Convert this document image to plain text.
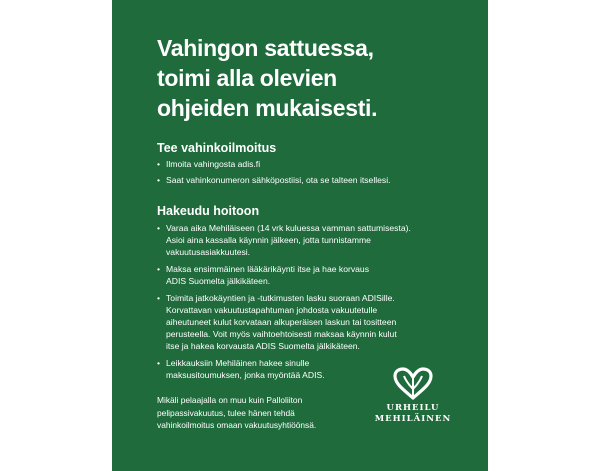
Vahingon sattuessa,
toimi alla olevien
ohjeiden mukaisesti.
Tee vahinkoilmoitus
• Ilmoita vahingosta adis.fi
• Saat vahinkonumeron sähköpostiisi, ota se talteen itsellesi.
Hakeudu hoitoon
• Varaa aika Mehiläiseen (14 vrk kuluessa vamman sattumisesta).
Asioi aina kassalla käynnin jälkeen, jotta tunnistamme
vakuutusasiakkuutesi.
• Maksa ensimmäinen lääkärikäynti itse ja hae korvaus
ADIS Suomelta jälkikäteen.
• Toimita jatkokäyntien ja -tutkimusten lasku suoraan ADISille.
Korvattavan vakuutustapahtuman johdosta vakuutetulle
aiheutuneet kulut korvataan alkuperäisen laskun tai tositteen
perusteella. Voit myös vaihtoehtoisesti maksaa käynnin kulut
itse ja hakea korvausta ADIS Suomelta jälkikäteen.
• Leikkauksiin Mehiläinen hakee sinulle
maksusitoumuksen, jonka myöntää ADIS.
Mikäli pelaajalla on muu kuin Palloliiton
pelipassivakuutus, tulee hänen tehdä
vahinkoilmoitus omaan vakuutusyhtiöönsä.
URHEILU
MEHILÄINEN
